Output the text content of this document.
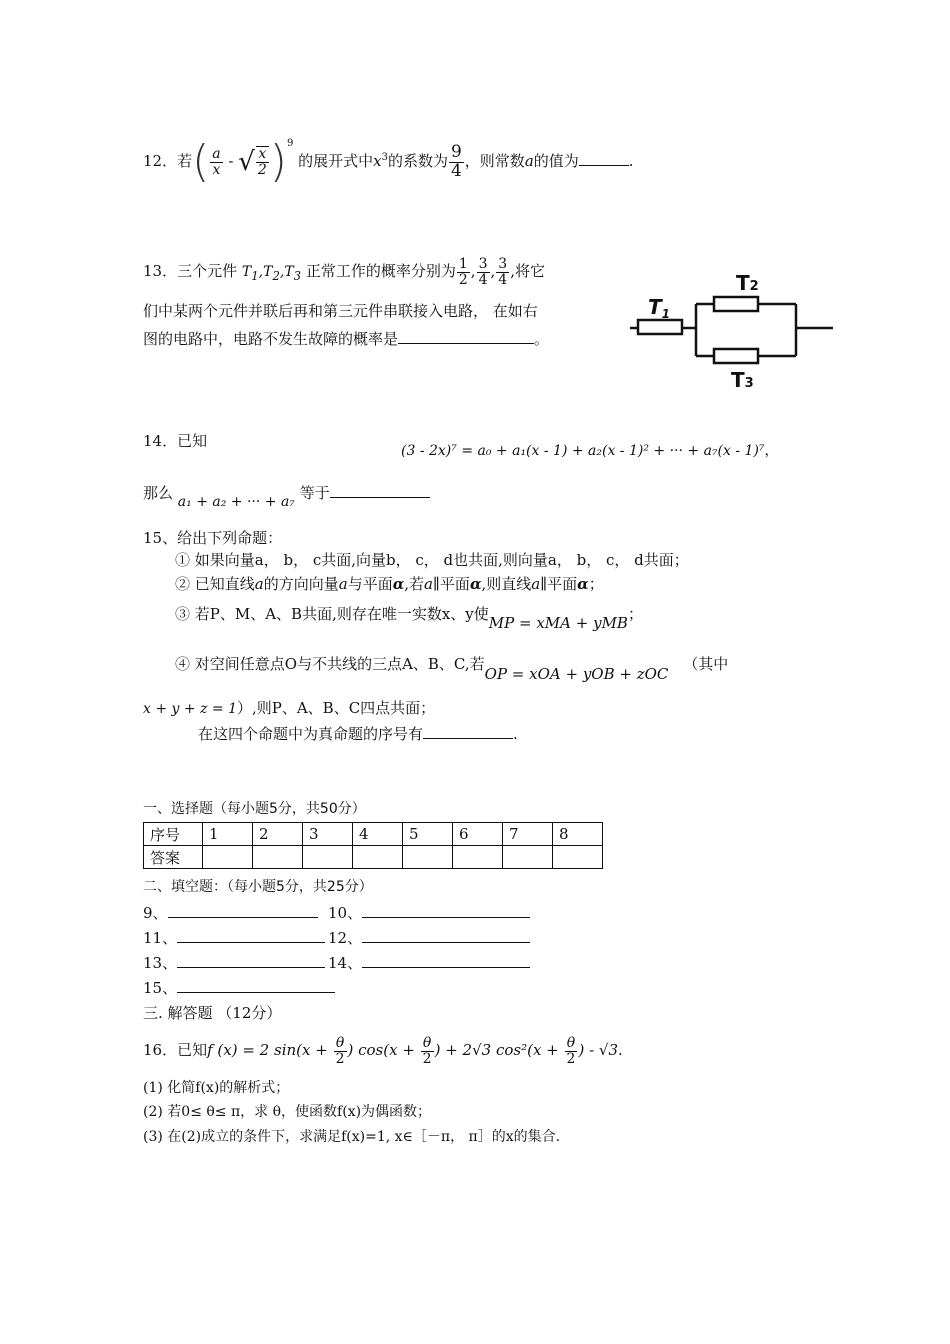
12．若( $\frac{a}{x}$ - √ $\frac{x}{2} )^9$ 的展开式中$x^3$的系数为 $\frac{9}{4}$ ，则常数a的值为	.
13．三个元件 $T_1,T_2,T_3$ 正常工作的概率分别为 $\frac{1}{2}$ , $\frac{3}{4}$ , $\frac{3}{4}$ ,将它
们中某两个元件并联后再和第三元件串联接入电路， 在如右
图的电路中，电路不发生故障的概率是	。
$T_1$
T2
T3
14．已知
(3 - 2x)⁷ = a₀ + a₁(x - 1) + a₂(x - 1)² + ··· + a₇(x - 1)⁷，
那么 a₁ + a₂ + ··· + a₇ 等于
15、给出下列命题：
① 如果向量a， b， c共面,向量b， c， d也共面,则向量a， b， c， d共面；
② 已知直线a的方向向量a与平面α,若a∥平面α,则直线a∥平面α；
③ 若P、M、A、B共面,则存在唯一实数x、y使MP = xMA + yMB；
④ 对空间任意点O与不共线的三点A、B、C,若OP = xOA + yOB + zOC （其中
x + y + z = 1）,则P、A、B、C四点共面；
在这四个命题中为真命题的序号有	.
一、选择题（每小题5分，共50分）
序号	1	2	3	4	5	6	7	8
答案								
二、填空题：（每小题5分，共25分）
9、	10、
11、	12、
13、	14、
15、
三. 解答题 （12分）
16．已知f (x) = 2 $\sin(x + \frac{\theta}{2}$ ) $\cos(x + \frac{\theta}{2}$ ) + 2√3 $\cos^2(x + \frac{\theta}{2}$ ) - √3.
(1) 化简f(x)的解析式；
(2) 若0≤ θ≤ π，求 θ，使函数f(x)为偶函数；
(3) 在(2)成立的条件下，求满足f(x)=1, x∈［－π， π］的x的集合.
